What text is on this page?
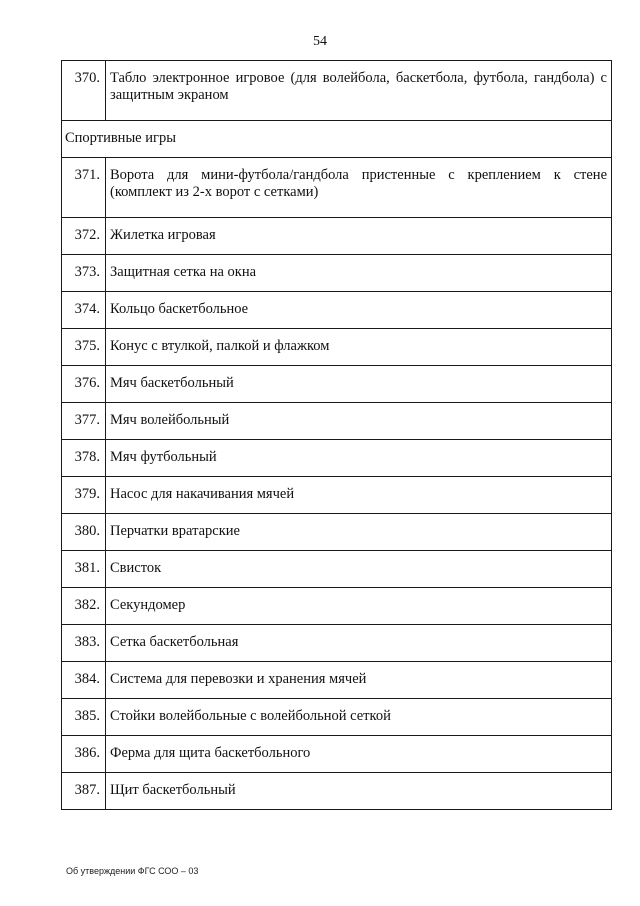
54
370.	Табло электронное игровое (для волейбола, баскетбола, футбола, гандбола) с защитным экраном
Спортивные игры	
371.	Ворота для мини-футбола/гандбола пристенные с креплением к стене (комплект из 2-х ворот с сетками)
372.	Жилетка игровая
373.	Защитная сетка на окна
374.	Кольцо баскетбольное
375.	Конус с втулкой, палкой и флажком
376.	Мяч баскетбольный
377.	Мяч волейбольный
378.	Мяч футбольный
379.	Насос для накачивания мячей
380.	Перчатки вратарские
381.	Свисток
382.	Секундомер
383.	Сетка баскетбольная
384.	Система для перевозки и хранения мячей
385.	Стойки волейбольные с волейбольной сеткой
386.	Ферма для щита баскетбольного
387.	Щит баскетбольный
Об утверждении ФГС СОО – 03
